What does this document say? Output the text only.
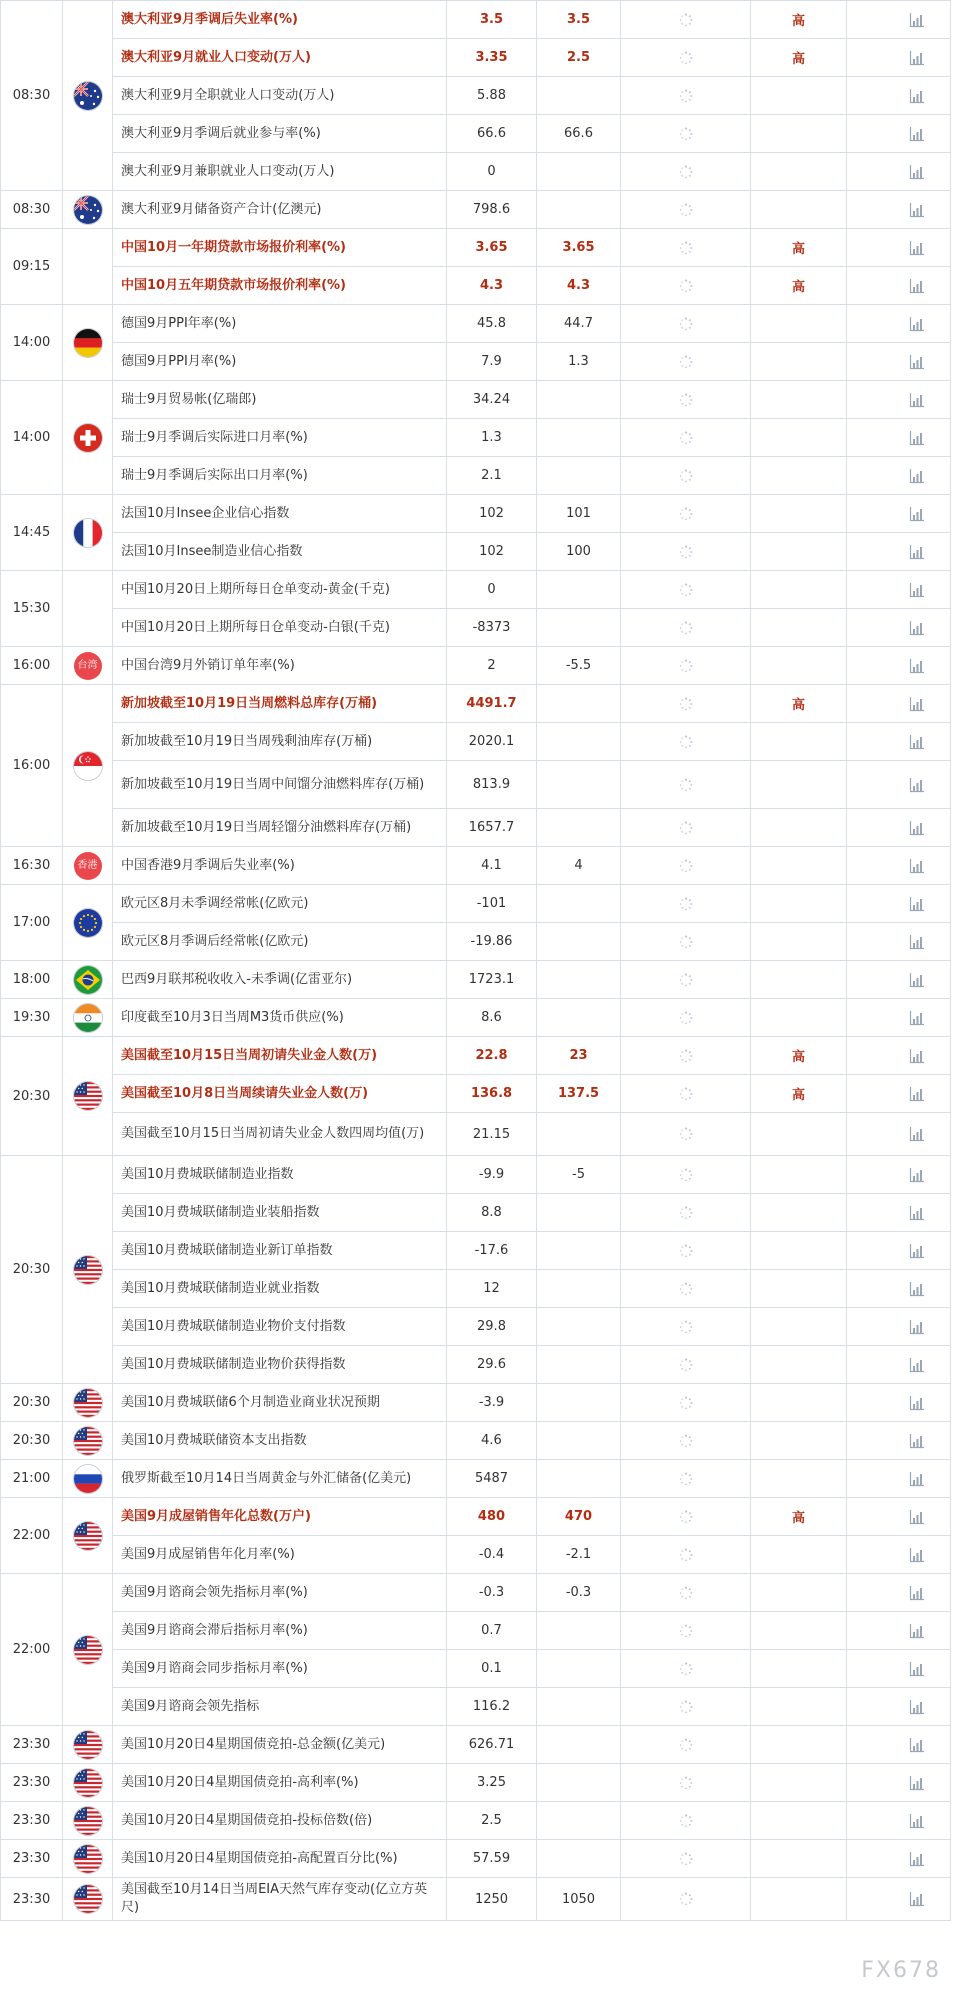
08:30		澳大利亚9月季调后失业率(%)	3.5	3.5		高	
		澳大利亚9月就业人口变动(万人)	3.35	2.5		高	
		澳大利亚9月全职就业人口变动(万人)	5.88				
		澳大利亚9月季调后就业参与率(%)	66.6	66.6			
		澳大利亚9月兼职就业人口变动(万人)	0				
08:30		澳大利亚9月储备资产合计(亿澳元)	798.6				
09:15		中国10月一年期贷款市场报价利率(%)	3.65	3.65		高	
		中国10月五年期贷款市场报价利率(%)	4.3	4.3		高	
14:00		德国9月PPI年率(%)	45.8	44.7			
		德国9月PPI月率(%)	7.9	1.3			
14:00		瑞士9月贸易帐(亿瑞郎)	34.24				
		瑞士9月季调后实际进口月率(%)	1.3				
		瑞士9月季调后实际出口月率(%)	2.1				
14:45		法国10月Insee企业信心指数	102	101			
		法国10月Insee制造业信心指数	102	100			
15:30		中国10月20日上期所每日仓单变动-黄金(千克)	0				
		中国10月20日上期所每日仓单变动-白银(千克)	-8373				
16:00	台湾	中国台湾9月外销订单年率(%)	2	-5.5			
16:00		新加坡截至10月19日当周燃料总库存(万桶)	4491.7			高	
		新加坡截至10月19日当周残剩油库存(万桶)	2020.1				
		新加坡截至10月19日当周中间馏分油燃料库存(万桶)	813.9				
		新加坡截至10月19日当周轻馏分油燃料库存(万桶)	1657.7				
16:30	香港	中国香港9月季调后失业率(%)	4.1	4			
17:00		欧元区8月未季调经常帐(亿欧元)	-101				
		欧元区8月季调后经常帐(亿欧元)	-19.86				
18:00		巴西9月联邦税收收入-未季调(亿雷亚尔)	1723.1				
19:30		印度截至10月3日当周M3货币供应(%)	8.6				
20:30		美国截至10月15日当周初请失业金人数(万)	22.8	23		高	
		美国截至10月8日当周续请失业金人数(万)	136.8	137.5		高	
		美国截至10月15日当周初请失业金人数四周均值(万)	21.15				
20:30		美国10月费城联储制造业指数	-9.9	-5			
		美国10月费城联储制造业装船指数	8.8				
		美国10月费城联储制造业新订单指数	-17.6				
		美国10月费城联储制造业就业指数	12				
		美国10月费城联储制造业物价支付指数	29.8				
		美国10月费城联储制造业物价获得指数	29.6				
20:30		美国10月费城联储6个月制造业商业状况预期	-3.9				
20:30		美国10月费城联储资本支出指数	4.6				
21:00		俄罗斯截至10月14日当周黄金与外汇储备(亿美元)	5487				
22:00		美国9月成屋销售年化总数(万户)	480	470		高	
		美国9月成屋销售年化月率(%)	-0.4	-2.1			
22:00		美国9月谘商会领先指标月率(%)	-0.3	-0.3			
		美国9月谘商会滞后指标月率(%)	0.7				
		美国9月谘商会同步指标月率(%)	0.1				
		美国9月谘商会领先指标	116.2				
23:30		美国10月20日4星期国债竞拍-总金额(亿美元)	626.71				
23:30		美国10月20日4星期国债竞拍-高利率(%)	3.25				
23:30		美国10月20日4星期国债竞拍-投标倍数(倍)	2.5				
23:30		美国10月20日4星期国债竞拍-高配置百分比(%)	57.59				
23:30		美国截至10月14日当周EIA天然气库存变动(亿立方英尺)	1250	1050			
FX678
